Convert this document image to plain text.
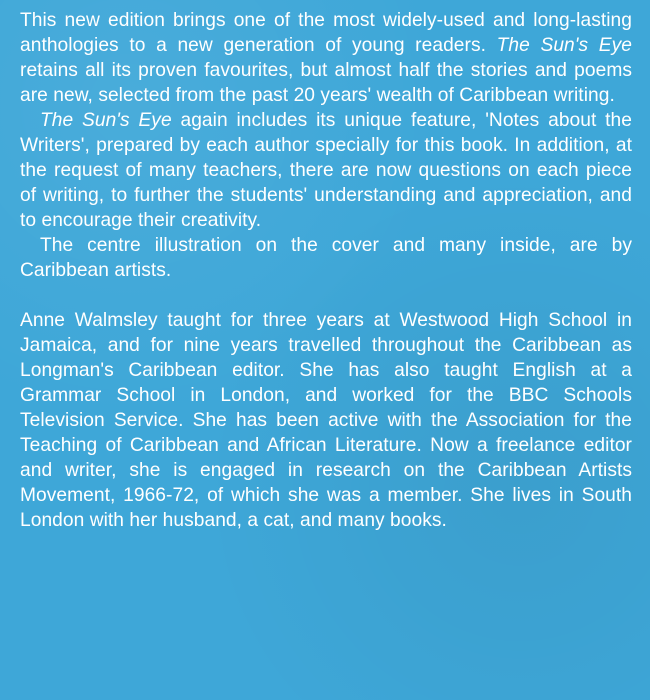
This new edition brings one of the most widely-used and long-lasting anthologies to a new generation of young readers. The Sun's Eye retains all its proven favourites, but almost half the stories and poems are new, selected from the past 20 years' wealth of Caribbean writing.

The Sun's Eye again includes its unique feature, 'Notes about the Writers', prepared by each author specially for this book. In addition, at the request of many teachers, there are now questions on each piece of writing, to further the students' understanding and appreciation, and to encourage their creativity.

The centre illustration on the cover and many inside, are by Caribbean artists.

Anne Walmsley taught for three years at Westwood High School in Jamaica, and for nine years travelled throughout the Caribbean as Longman's Caribbean editor. She has also taught English at a Grammar School in London, and worked for the BBC Schools Television Service. She has been active with the Association for the Teaching of Caribbean and African Literature. Now a freelance editor and writer, she is engaged in research on the Caribbean Artists Movement, 1966-72, of which she was a member. She lives in South London with her husband, a cat, and many books.
